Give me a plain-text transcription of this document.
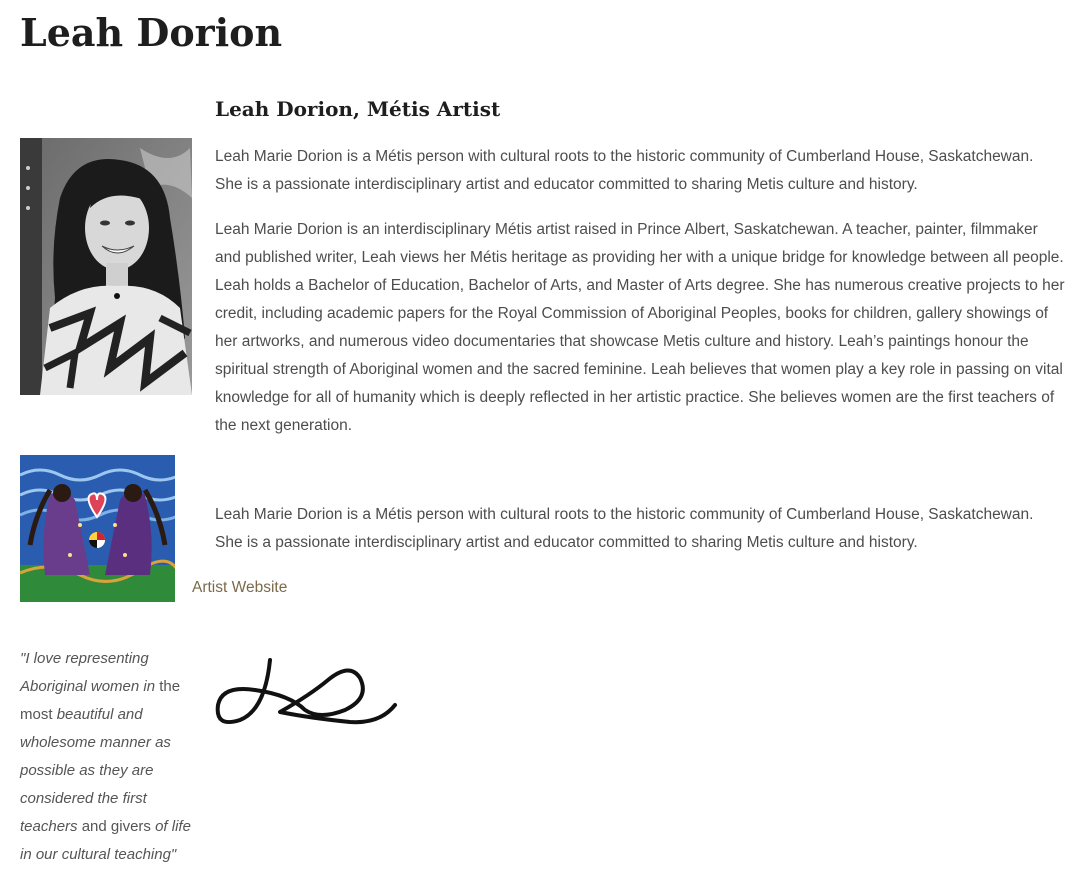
Leah Dorion
Leah Dorion, Métis Artist

Leah Marie Dorion is a Métis person with cultural roots to the historic community of Cumberland House, Saskatchewan. She is a passionate interdisciplinary artist and educator committed to sharing Metis culture and history.

Leah Marie Dorion is an interdisciplinary Métis artist raised in Prince Albert, Saskatchewan. A teacher, painter, filmmaker and published writer, Leah views her Métis heritage as providing her with a unique bridge for knowledge between all people. Leah holds a Bachelor of Education, Bachelor of Arts, and Master of Arts degree. She has numerous creative projects to her credit, including academic papers for the Royal Commission of Aboriginal Peoples, books for children, gallery showings of her artworks, and numerous video documentaries that showcase Metis culture and history. Leah’s paintings honour the spiritual strength of Aboriginal women and the sacred feminine. Leah believes that women play a key role in passing on vital knowledge for all of humanity which is deeply reflected in her artistic practice. She believes women are the first teachers of the next generation.

Leah Marie Dorion is a Métis person with cultural roots to the historic community of Cumberland House, Saskatchewan. She is a passionate interdisciplinary artist and educator committed to sharing Metis culture and history.

Artist Website

"I love representing Aboriginal women in the most beautiful and wholesome manner as possible as they are considered the first teachers and givers of life in our cultural teaching"
